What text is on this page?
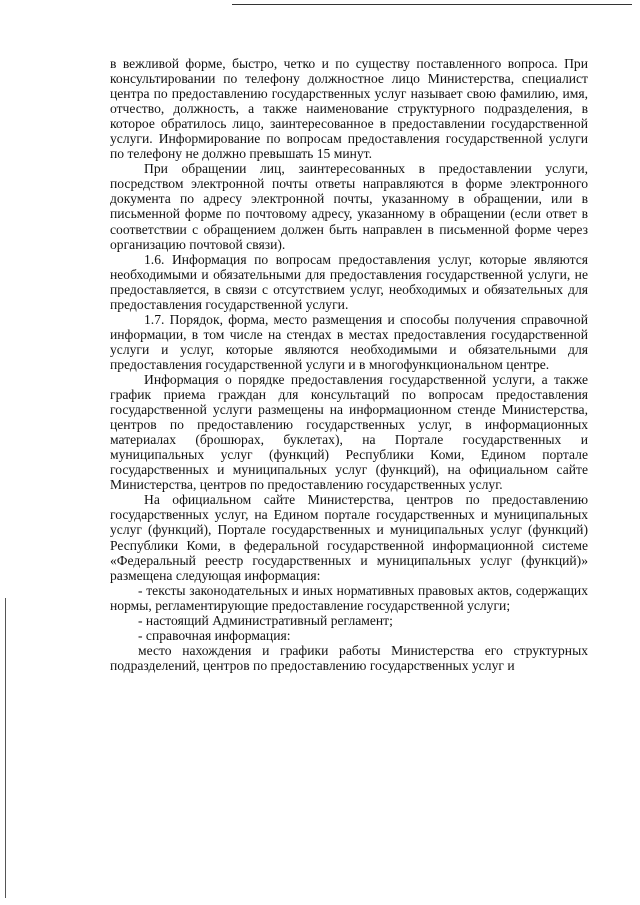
в вежливой форме, быстро, четко и по существу поставленного вопроса. При консультировании по телефону должностное лицо Министерства, специалист центра по предоставлению государственных услуг называет свою фамилию, имя, отчество, должность, а также наименование структурного подразделения, в которое обратилось лицо, заинтересованное в предоставлении государственной услуги. Информирование по вопросам предоставления государственной услуги по телефону не должно превышать 15 минут.

При обращении лиц, заинтересованных в предоставлении услуги, посредством электронной почты ответы направляются в форме электронного документа по адресу электронной почты, указанному в обращении, или в письменной форме по почтовому адресу, указанному в обращении (если ответ в соответствии с обращением должен быть направлен в письменной форме через организацию почтовой связи).

1.6. Информация по вопросам предоставления услуг, которые являются необходимыми и обязательными для предоставления государственной услуги, не предоставляется, в связи с отсутствием услуг, необходимых и обязательных для предоставления государственной услуги.

1.7. Порядок, форма, место размещения и способы получения справочной информации, в том числе на стендах в местах предоставления государственной услуги и услуг, которые являются необходимыми и обязательными для предоставления государственной услуги и в многофункциональном центре.

Информация о порядке предоставления государственной услуги, а также график приема граждан для консультаций по вопросам предоставления государственной услуги размещены на информационном стенде Министерства, центров по предоставлению государственных услуг, в информационных материалах (брошюрах, буклетах), на Портале государственных и муниципальных услуг (функций) Республики Коми, Едином портале государственных и муниципальных услуг (функций), на официальном сайте Министерства, центров по предоставлению государственных услуг.

На официальном сайте Министерства, центров по предоставлению государственных услуг, на Едином портале государственных и муниципальных услуг (функций), Портале государственных и муниципальных услуг (функций) Республики Коми, в федеральной государственной информационной системе «Федеральный реестр государственных и муниципальных услуг (функций)» размещена следующая информация:

- тексты законодательных и иных нормативных правовых актов, содержащих нормы, регламентирующие предоставление государственной услуги;

- настоящий Административный регламент;

- справочная информация:

место нахождения и графики работы Министерства его структурных подразделений, центров по предоставлению государственных услуг и
